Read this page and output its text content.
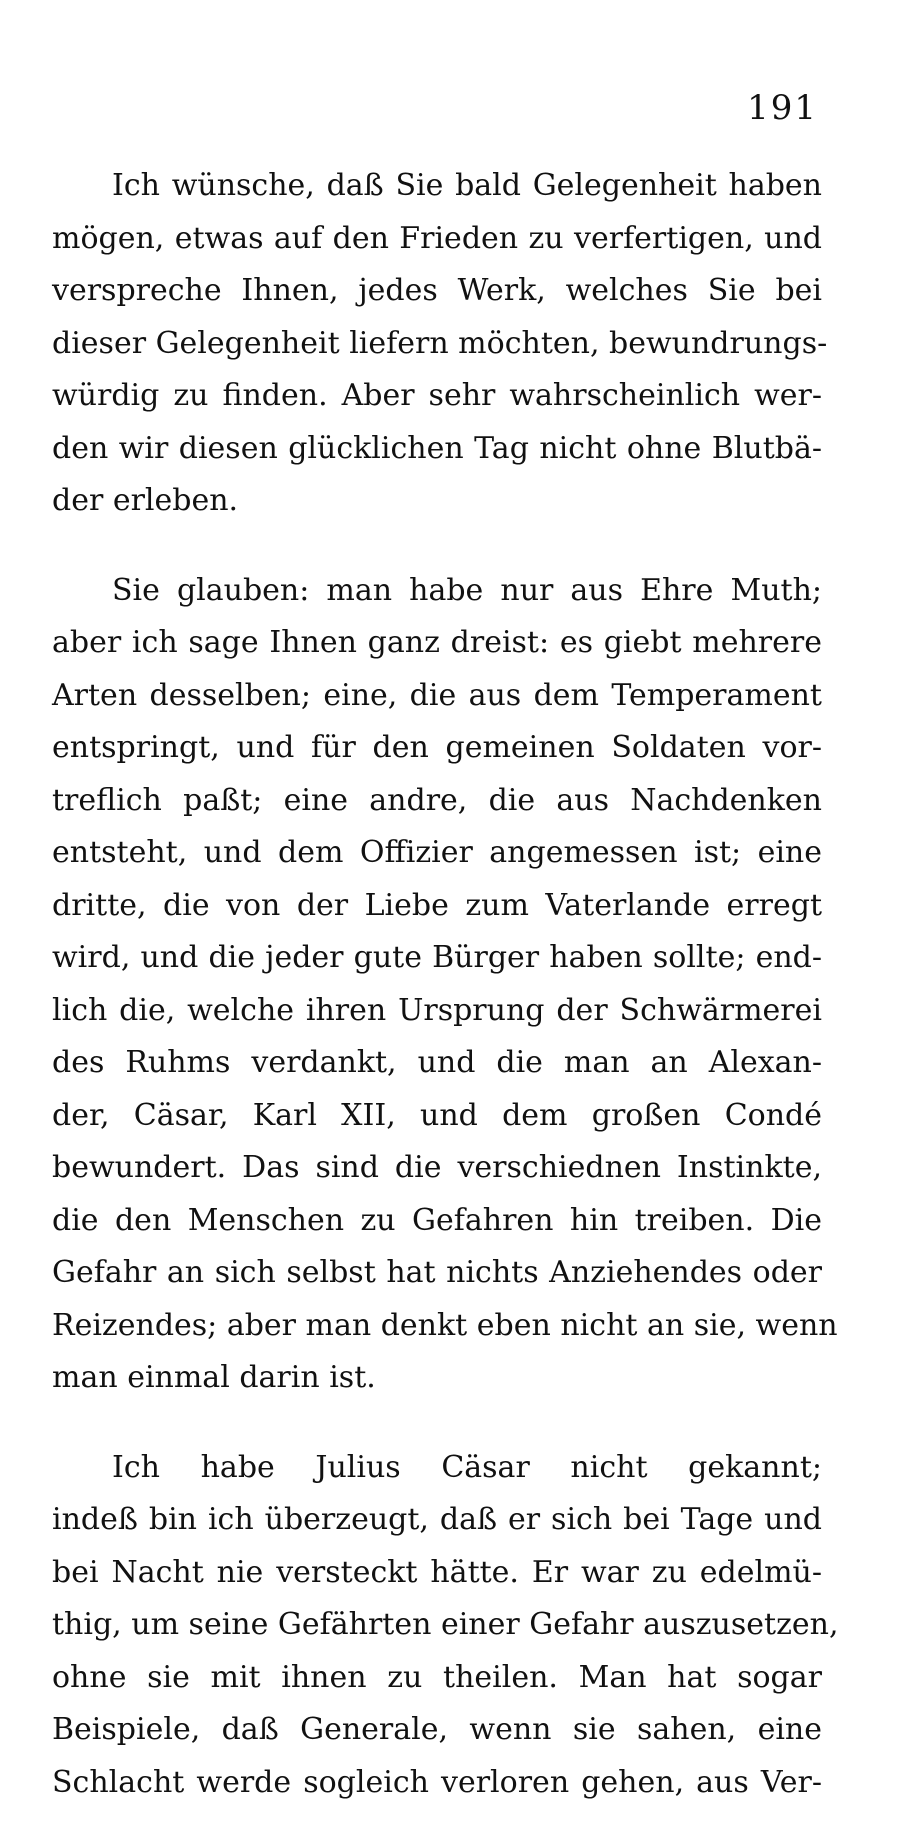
191

Ich wünsche, daß Sie bald Gelegenheit haben
mögen, etwas auf den Frieden zu verfertigen, und
verspreche Ihnen, jedes Werk, welches Sie bei
dieser Gelegenheit liefern möchten, bewundrungs-
würdig zu finden. Aber sehr wahrscheinlich wer-
den wir diesen glücklichen Tag nicht ohne Blutbä-
der erleben.

Sie glauben: man habe nur aus Ehre Muth;
aber ich sage Ihnen ganz dreist: es giebt mehrere
Arten desselben; eine, die aus dem Temperament
entspringt, und für den gemeinen Soldaten vor-
treflich paßt; eine andre, die aus Nachdenken
entsteht, und dem Offizier angemessen ist; eine
dritte, die von der Liebe zum Vaterlande erregt
wird, und die jeder gute Bürger haben sollte; end-
lich die, welche ihren Ursprung der Schwärmerei
des Ruhms verdankt, und die man an Alexan-
der, Cäsar, Karl XII, und dem großen Condé
bewundert. Das sind die verschiednen Instinkte,
die den Menschen zu Gefahren hin treiben. Die
Gefahr an sich selbst hat nichts Anziehendes oder
Reizendes; aber man denkt eben nicht an sie, wenn
man einmal darin ist.

Ich habe Julius Cäsar nicht gekannt;
indeß bin ich überzeugt, daß er sich bei Tage und
bei Nacht nie versteckt hätte. Er war zu edelmü-
thig, um seine Gefährten einer Gefahr auszusetzen,
ohne sie mit ihnen zu theilen. Man hat sogar
Beispiele, daß Generale, wenn sie sahen, eine
Schlacht werde sogleich verloren gehen, aus Ver-
